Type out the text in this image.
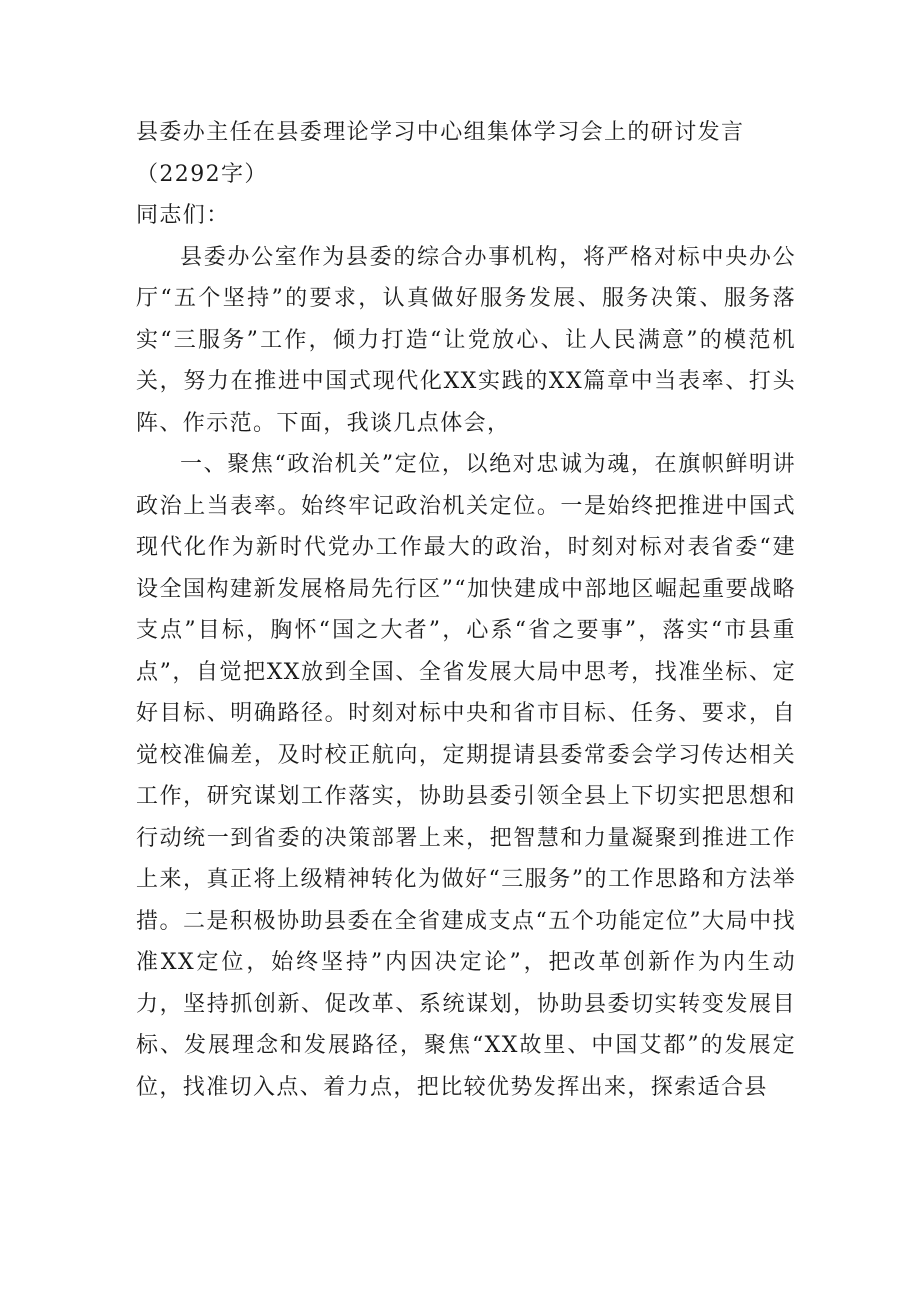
县委办主任在县委理论学习中心组集体学习会上的研讨发言（2292字）

同志们：

县委办公室作为县委的综合办事机构，将严格对标中央办公厅“五个坚持”的要求，认真做好服务发展、服务决策、服务落实“三服务”工作，倾力打造“让党放心、让人民满意”的模范机关，努力在推进中国式现代化XX实践的XX篇章中当表率、打头阵、作示范。下面，我谈几点体会，

一、聚焦“政治机关”定位，以绝对忠诚为魂，在旗帜鲜明讲政治上当表率。始终牢记政治机关定位。一是始终把推进中国式现代化作为新时代党办工作最大的政治，时刻对标对表省委“建设全国构建新发展格局先行区”“加快建成中部地区崛起重要战略支点”目标，胸怀“国之大者”，心系“省之要事”，落实“市县重点”，自觉把XX放到全国、全省发展大局中思考，找准坐标、定好目标、明确路径。时刻对标中央和省市目标、任务、要求，自觉校准偏差，及时校正航向，定期提请县委常委会学习传达相关工作，研究谋划工作落实，协助县委引领全县上下切实把思想和行动统一到省委的决策部署上来，把智慧和力量凝聚到推进工作上来，真正将上级精神转化为做好“三服务”的工作思路和方法举措。二是积极协助县委在全省建成支点“五个功能定位”大局中找准XX定位，始终坚持”内因决定论”，把改革创新作为内生动力，坚持抓创新、促改革、系统谋划，协助县委切实转变发展目标、发展理念和发展路径，聚焦“XX故里、中国艾都”的发展定位，找准切入点、着力点，把比较优势发挥出来，探索适合县
